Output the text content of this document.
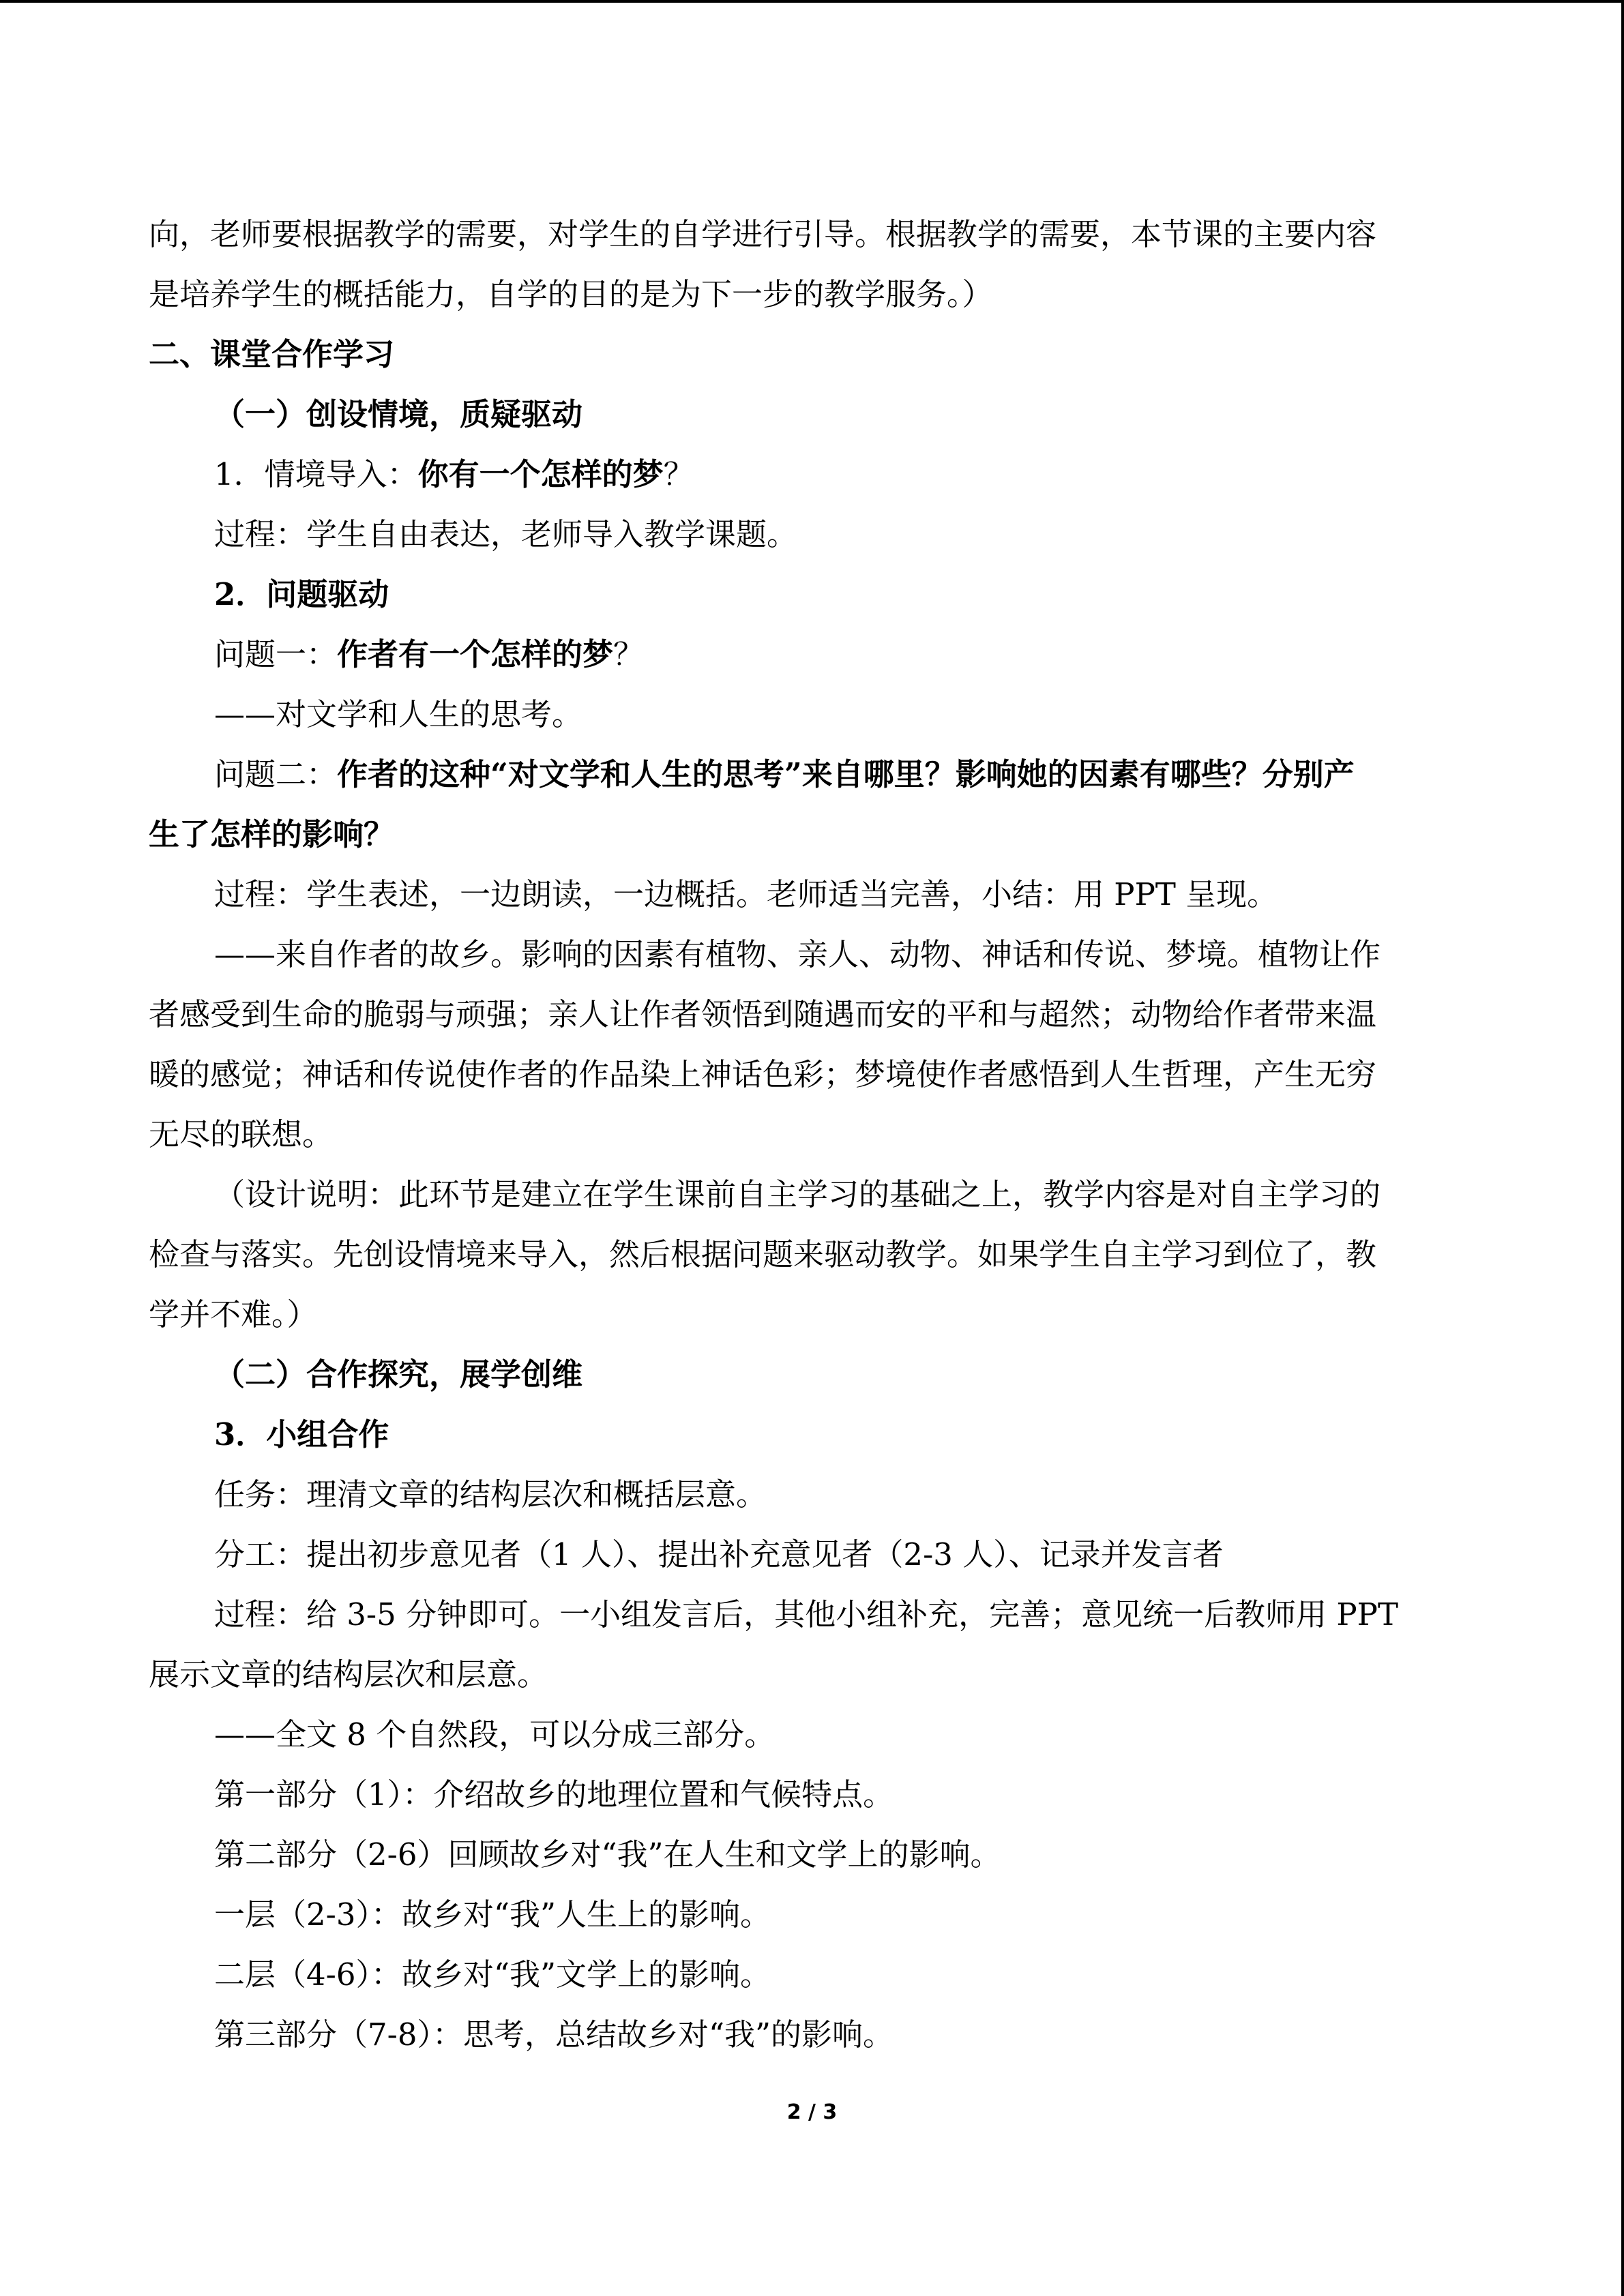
向，老师要根据教学的需要，对学生的自学进行引导。根据教学的需要，本节课的主要内容

是培养学生的概括能力，自学的目的是为下一步的教学服务。）

二、课堂合作学习

（一）创设情境，质疑驱动

1．情境导入：你有一个怎样的梦？

过程：学生自由表达，老师导入教学课题。

2．问题驱动

问题一：作者有一个怎样的梦？

——对文学和人生的思考。

问题二：作者的这种“对文学和人生的思考”来自哪里？影响她的因素有哪些？分别产

生了怎样的影响？

过程：学生表述，一边朗读，一边概括。老师适当完善，小结：用 PPT 呈现。

——来自作者的故乡。影响的因素有植物、亲人、动物、神话和传说、梦境。植物让作

者感受到生命的脆弱与顽强；亲人让作者领悟到随遇而安的平和与超然；动物给作者带来温

暖的感觉；神话和传说使作者的作品染上神话色彩；梦境使作者感悟到人生哲理，产生无穷

无尽的联想。

（设计说明：此环节是建立在学生课前自主学习的基础之上，教学内容是对自主学习的

检查与落实。先创设情境来导入，然后根据问题来驱动教学。如果学生自主学习到位了，教

学并不难。）

（二）合作探究，展学创维

3．小组合作

任务：理清文章的结构层次和概括层意。

分工：提出初步意见者（1 人）、提出补充意见者（2-3 人）、记录并发言者

过程：给 3-5 分钟即可。一小组发言后，其他小组补充，完善；意见统一后教师用 PPT

展示文章的结构层次和层意。

——全文 8 个自然段，可以分成三部分。

第一部分（1）：介绍故乡的地理位置和气候特点。

第二部分（2-6）回顾故乡对“我”在人生和文学上的影响。

一层（2-3）：故乡对“我”人生上的影响。

二层（4-6）：故乡对“我”文学上的影响。

第三部分（7-8）：思考，总结故乡对“我”的影响。

2 / 3
